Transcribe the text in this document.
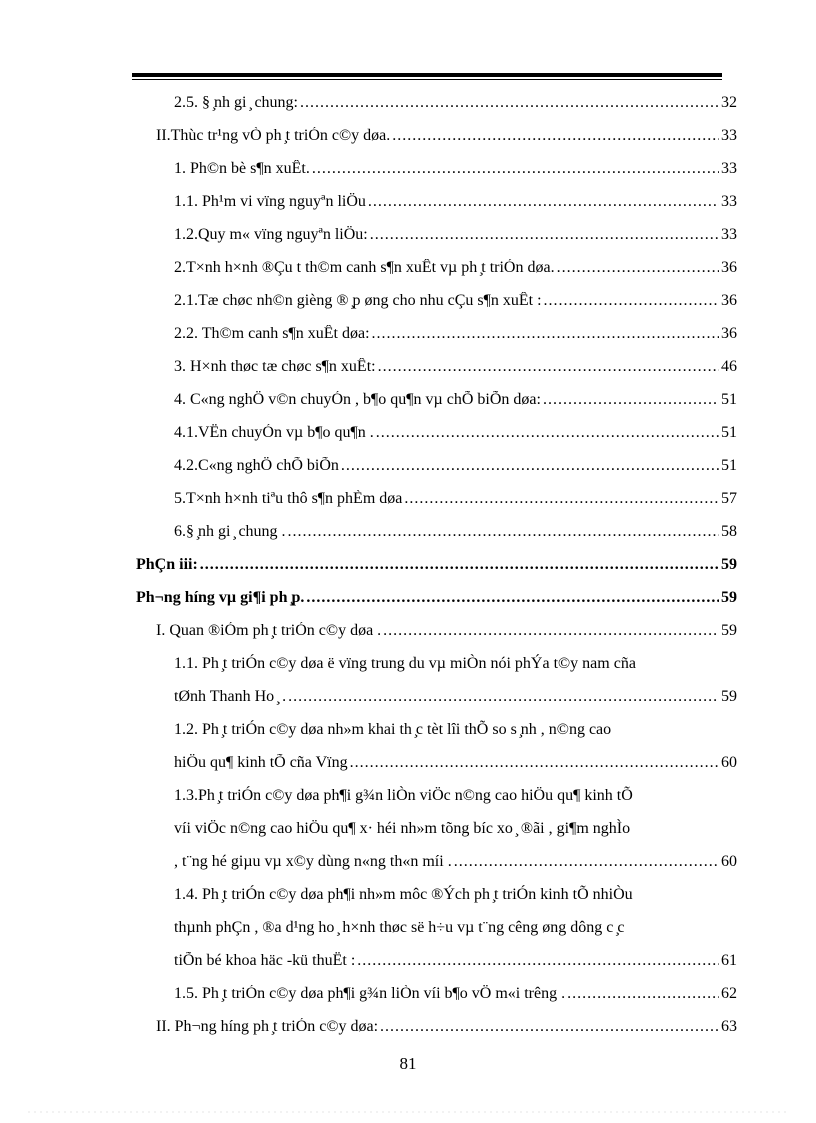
2.5. § ̧nh gi ̧ chung: .....	32
II.Thùc tr¹ng vÒ ph ̧t triÓn c©y døa. .....	33
1. Ph©n bè s¶n xuÊt. .....	33
1.1. Ph¹m vi vïng nguyªn liÖu .....	33
1.2.Quy m« vïng nguyªn liÖu: .....	33
2.T×nh h×nh ®Çu t th©m canh s¶n xuÊt vµ ph ̧t triÓn døa. .....	36
2.1.Tæ chøc nh©n gièng ® ̧p øng cho nhu cÇu s¶n xuÊt : .....	36
2.2. Th©m canh s¶n xuÊt døa: .....	36
3. H×nh thøc tæ chøc s¶n xuÊt: .....	46
4. C«ng nghÖ v©n chuyÓn , b¶o qu¶n vµ chÕ biÕn døa: .....	51
4.1.VËn chuyÓn vµ b¶o qu¶n . .....	51
4.2.C«ng nghÖ chÕ biÕn .....	51
5.T×nh h×nh tiªu thô s¶n phÈm døa .....	57
6.§ ̧nh gi ̧ chung . .....	58
PhÇn iii: .....	59
Ph¬ng híng vµ gi¶i ph ̧p. .....	59
I. Quan ®iÓm ph ̧t triÓn c©y døa . .....	59
1.1. Ph ̧t triÓn c©y døa ë vïng trung du vµ miÒn nói phÝa t©y nam cña
tØnh Thanh Ho ̧ . .....	59
1.2. Ph ̧t triÓn c©y døa nh»m khai th ̧c tèt lîi thÕ so s ̧nh , n©ng cao
hiÖu qu¶ kinh tÕ cña Vïng .....	60
1.3.Ph ̧t triÓn c©y døa ph¶i g¾n liÒn viÖc n©ng cao hiÖu qu¶ kinh tÕ
víi viÖc n©ng cao hiÖu qu¶ x· héi nh»m tõng bíc xo ̧ ®ãi , gi¶m nghÌo
, t¨ng hé giµu vµ x©y dùng n«ng th«n míi . .....	60
1.4. Ph ̧t triÓn c©y døa ph¶i nh»m môc ®Ých ph ̧t triÓn kinh tÕ nhiÒu
thµnh phÇn , ®a d¹ng ho ̧ h×nh thøc së h÷u vµ t¨ng cêng øng dông c ̧c
tiÕn bé khoa häc -kü thuËt : .....	61
1.5. Ph ̧t triÓn c©y døa ph¶i g¾n liÒn víi b¶o vÖ m«i trêng . .....	62
II. Ph¬ng híng ph ̧t triÓn c©y døa: .....	63
81
